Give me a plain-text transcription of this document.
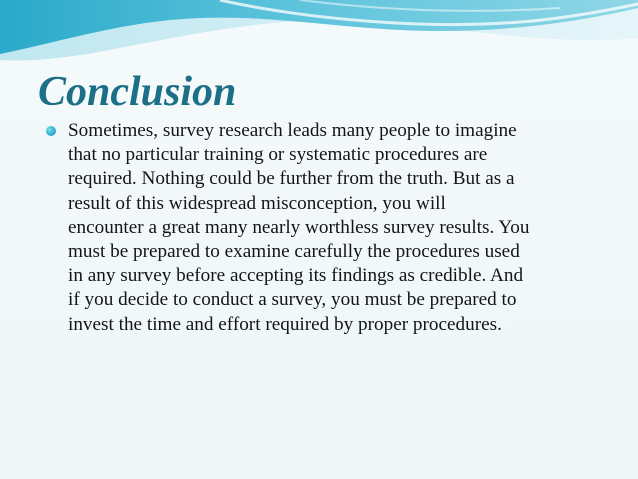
Conclusion

Sometimes, survey research leads many people to imagine
that no particular training or systematic procedures are
required. Nothing could be further from the truth. But as a
result of this widespread misconception, you will
encounter a great many nearly worthless survey results. You
must be prepared to examine carefully the procedures used
in any survey before accepting its findings as credible. And
if you decide to conduct a survey, you must be prepared to
invest the time and effort required by proper procedures.
